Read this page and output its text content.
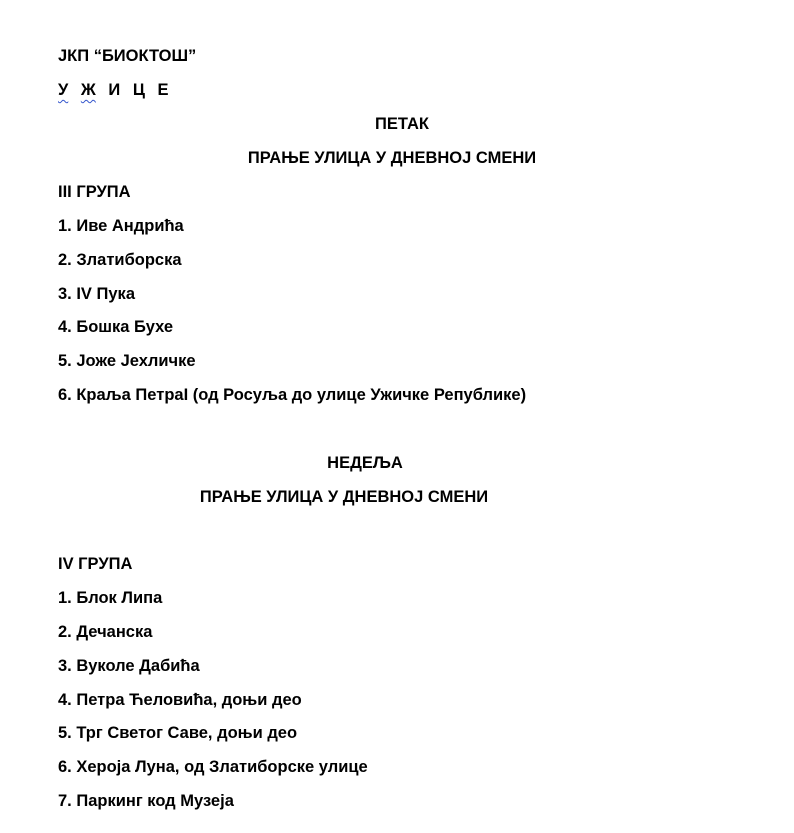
ЈКП “БИОКТОШ”
У Ж И Ц Е
ПЕТАК
ПРАЊЕ УЛИЦА У ДНЕВНОЈ СМЕНИ
III ГРУПА
1. Иве Андрића
2. Златиборска
3. IV Пука
4. Бошка Бухе
5. Јоже Јехличке
6. Краља ПетраI (од Росуља до улице Ужичке Републике)
НЕДЕЉА
ПРАЊЕ УЛИЦА У ДНЕВНОЈ СМЕНИ
IV ГРУПА
1. Блок Липа
2. Дечанска
3. Вуколе Дабића
4. Петра Ћеловића, доњи део
5. Трг Светог Саве, доњи део
6. Хероја Луна, од Златиборске улице
7. Паркинг код Музеја
